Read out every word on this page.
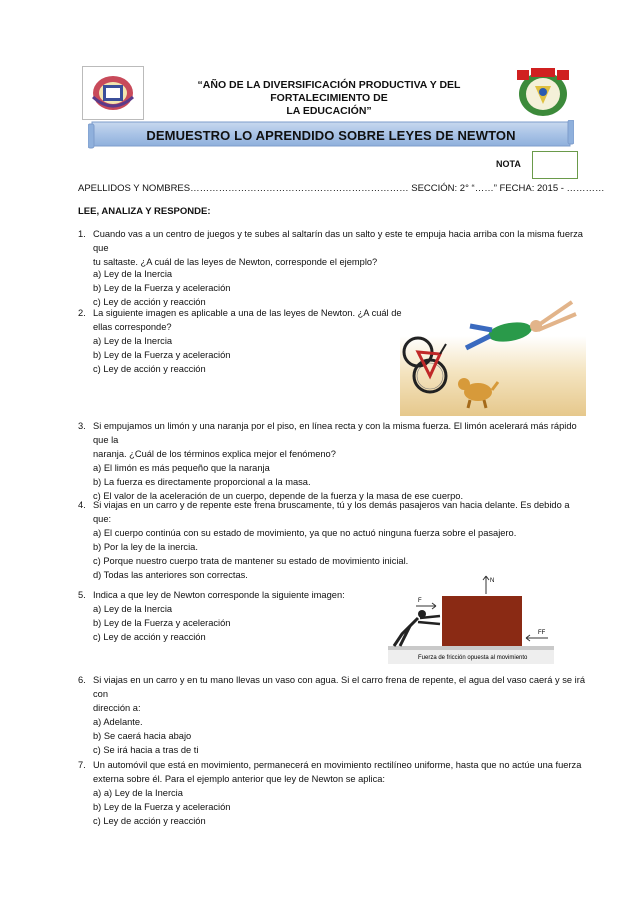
“AÑO DE LA DIVERSIFICACIÓN PRODUCTIVA Y DEL FORTALECIMIENTO DE
LA EDUCACIÓN”
DEMUESTRO LO APRENDIDO SOBRE LEYES DE NEWTON
NOTA
APELLIDOS Y NOMBRES…………………………………………………………… SECCIÓN: 2° “……” FECHA: 2015 - …………
LEE, ANALIZA Y RESPONDE:
1. Cuando vas a un centro de juegos y te subes al saltarín das un salto y este te empuja hacia arriba con la misma fuerza que
tu saltaste. ¿A cuál de las leyes de Newton, corresponde el ejemplo?
a) Ley de la Inercia
b) Ley de la Fuerza y aceleración
c) Ley de acción y reacción
2. La siguiente imagen es aplicable a una de las leyes de Newton. ¿A cuál de
ellas corresponde?
a) Ley de la Inercia
b) Ley de la Fuerza y aceleración
c) Ley de acción y reacción
3. Si empujamos un limón y una naranja por el piso, en línea recta y con la misma fuerza. El limón acelerará más rápido que la
naranja. ¿Cuál de los términos explica mejor el fenómeno?
a) El limón es más pequeño que la naranja
b) La fuerza es directamente proporcional a la masa.
c) El valor de la aceleración de un cuerpo, depende de la fuerza y la masa de ese cuerpo.
4. Si viajas en un carro y de repente este frena bruscamente, tú y los demás pasajeros van hacia delante. Es debido a que:
a) El cuerpo continúa con su estado de movimiento, ya que no actuó ninguna fuerza sobre el pasajero.
b) Por la ley de la inercia.
c) Porque nuestro cuerpo trata de mantener su estado de movimiento inicial.
d) Todas las anteriores son correctas.
5. Indica a que ley de Newton corresponde la siguiente imagen:
a) Ley de la Inercia
b) Ley de la Fuerza y aceleración
c) Ley de acción y reacción
F
N
FF
Fuerza de fricción opuesta al movimiento
6. Si viajas en un carro y en tu mano llevas un vaso con agua. Si el carro frena de repente, el agua del vaso caerá y se irá con
dirección a:
a) Adelante.
b) Se caerá hacia abajo
c) Se irá hacia a tras de ti
7. Un automóvil que está en movimiento, permanecerá en movimiento rectilíneo uniforme, hasta que no actúe una fuerza
externa sobre él. Para el ejemplo anterior que ley de Newton se aplica:
a) a) Ley de la Inercia
b) Ley de la Fuerza y aceleración
c) Ley de acción y reacción
